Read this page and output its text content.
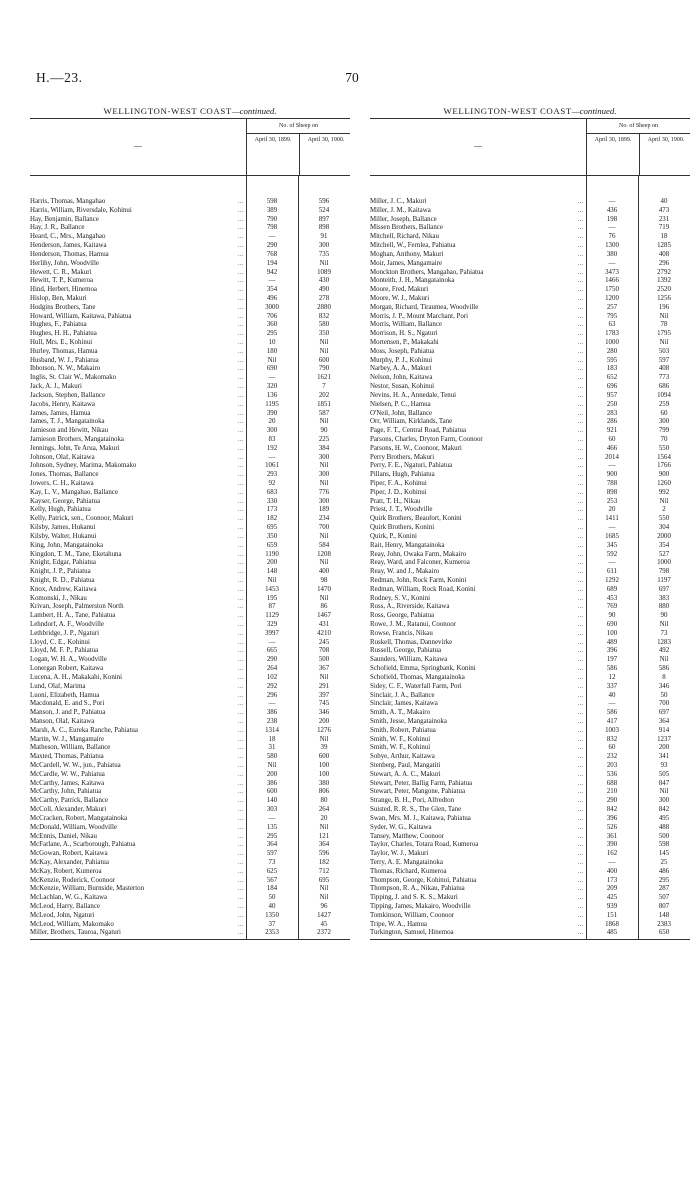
H.—23.	70
WELLINGTON-WEST COAST—continued.
—
No. of Sheep on
April 30, 1899.	April 30, 1900.
Harris, Thomas, Mangahao	...	598	596
Harris, William, Riversdale, Kohinui	...	389	524
Hay, Benjamin, Ballance	...	790	897
Hay, J. R., Ballance	...	798	898
Heard, C., Mrs., Mangahao	...	—	91
Henderson, James, Kaitawa	...	290	300
Henderson, Thomas, Hamua	...	768	735
Herlihy, John, Woodville	...	194	Nil
Hewett, C. R., Makuri	...	942	1089
Hewitt, T. P., Kumeroa	...	—	430
Hind, Herbert, Hinemoa	...	354	490
Hislop, Ben, Makuri	...	496	278
Hodgins Brothers, Tane	...	3000	2880
Howard, William, Kaitawa, Pahiatua	...	706	832
Hughes, F., Pahiatua	...	360	580
Hughes, H. H., Pahiatua	...	295	350
Hull, Mrs. E., Kohinui	...	10	Nil
Hurley, Thomas, Hamua	...	180	Nil
Husband, W. J., Pahiatua	...	Nil	600
Ibbotson, N. W., Makairo	...	690	790
Inglis, St. Clair W., Makomako	...	—	1621
Jack, A. J., Makuri	...	320	7
Jackson, Stephen, Ballance	...	136	202
Jacobs, Henry, Kaitawa	...	1195	1851
James, James, Hamua	...	390	587
James, T. J., Mangatainoka	...	20	Nil
Jamieson and Hewitt, Nikau	...	300	90
Jamieson Brothers, Mangatainoka	...	83	225
Jennings, John, Te Arua, Makuri	...	192	384
Johnson, Olaf, Kaitawa	...	—	300
Johnson, Sydney, Marima, Makomako	...	1061	Nil
Jones, Thomas, Ballance	...	293	300
Jowers, C. H., Kaitawa	...	92	Nil
Kay, L. V., Mangahao, Ballance	...	683	776
Kayser, George, Pahiatua	...	330	300
Kelly, Hugh, Pahiatua	...	173	189
Kelly, Patrick, sen., Coonoor, Makuri	...	182	234
Kilsby, James, Hukanui	...	695	700
Kilsby, Walter, Hukanui	...	350	Nil
King, John, Mangatainoka	...	659	584
Kingdon, T. M., Tane, Eketahuna	...	1190	1208
Knight, Edgar, Pahiatua	...	200	Nil
Knight, J. P., Pahiatua	...	148	400
Knight, R. D., Pahiatua	...	Nil	98
Knox, Andrew, Kaitawa	...	1453	1470
Komonski, J., Nikau	...	195	Nil
Krivan, Joseph, Palmerston North	...	87	86
Lambert, H. A., Tane, Pahiatua	...	1129	1467
Lehndorf, A. F., Woodville	...	329	431
Lethbridge, J. P., Ngaturi	...	3997	4210
Lloyd, C. E., Kohinui	...	—	245
Lloyd, M. F. P., Pahiatua	...	665	708
Logan, W. H. A., Woodville	...	290	500
Lonergan Robert, Kaitawa	...	264	367
Lucena, A. H., Makakahi, Konini	...	102	Nil
Lund, Olaf, Marima	...	292	291
Luoni, Elizabeth, Hamua	...	296	397
Macdonald, E. and S., Pori	...	—	745
Manson, J. and P., Pahiatua	...	386	346
Manson, Olaf, Kaitawa	...	238	200
Marsh, A. C., Eureka Ranche, Pahiatua	...	1314	1276
Martin, W. J., Mangamaire	...	18	Nil
Matheson, William, Ballance	...	31	39
Maxted, Thomas, Pahiatua	...	580	600
McCardell, W. W., jun., Pahiatua	...	Nil	100
McCardle, W. W., Pahiatua	...	200	100
McCarthy, James, Kaitawa	...	386	380
McCarthy, John, Pahiatua	...	600	806
McCarthy, Patrick, Ballance	...	140	80
McColl, Alexander, Makuri	...	303	264
McCracken, Robert, Mangatainoka	...	—	20
McDonald, William, Woodville	...	135	Nil
McEnnis, Daniel, Nikau	...	295	121
McFarlane, A., Scarborough, Pahiatua	...	364	364
McGowan, Robert, Kaitawa	...	597	596
McKay, Alexander, Pahiatua	...	73	182
McKay, Robert, Kumeroa	...	625	712
McKenzie, Roderick, Coonoor	...	567	695
McKenzie, William, Burnside, Masterton	...	184	Nil
McLachlan, W. G., Kaitawa	...	50	Nil
McLeod, Harry, Ballance	...	40	96
McLeod, John, Ngaturi	...	1350	1427
McLeod, William, Makomako	...	37	45
Miller, Brothers, Tauroa, Ngaturi	...	2353	2372
WELLINGTON-WEST COAST—continued.
—
No. of Sheep on
April 30, 1899.	April 30, 1900.
Miller, J. C., Makuri	...	—	40
Miller, J. M., Kaitawa	...	436	473
Miller, Joseph, Ballance	...	198	231
Missen Brothers, Ballance	...	—	719
Mitchell, Richard, Nikau	...	76	18
Mitchell, W., Fernlea, Pahiatua	...	1300	1285
Moghan, Anthony, Makuri	...	380	408
Moir, James, Mangamaire	...	—	296
Monckton Brothers, Mangahao, Pahiatua	...	3473	2792
Monteith, J. H., Mangatainoka	...	1466	1392
Moore, Fred, Makuri	...	1750	2520
Moore, W. J., Makuri	...	1200	1256
Morgan, Richard, Tiraumea, Woodville	...	257	196
Morris, J. P., Mount Marchant, Pori	...	795	Nil
Morris, William, Ballance	...	63	78
Morrison, H. S., Ngaturi	...	1783	1795
Mortensen, P., Makakahi	...	1000	Nil
Moss, Joseph, Pahiatua	...	280	503
Murphy, P. J., Kohinui	...	595	597
Narbey, A. A., Makuri	...	183	408
Nelson, John, Kaitawa	...	652	773
Nestor, Susan, Kohinui	...	696	686
Nevins, H. A., Annedale, Tenui	...	957	1094
Nielsen, P. C., Hamua	...	250	259
O'Neil, John, Ballance	...	283	60
Orr, William, Kirklands, Tane	...	286	300
Page, F. T., Central Road, Pahiatua	...	921	799
Parsons, Charles, Dryton Farm, Coonoor	...	60	70
Parsons, H. W., Coonoor, Makuri	...	466	550
Perry Brothers, Makuri	...	2014	1564
Perry, F. E., Ngaturi, Pahiatua	...	—	1766
Pillans, Hugh, Pahiatua	...	900	900
Piper, F. A., Kohinui	...	788	1260
Piper, J. D., Kohinui	...	898	992
Pratt, T. H., Nikau	...	253	Nil
Priest, J. T., Woodville	...	20	2
Quirk Brothers, Beaufort, Konini	...	1411	550
Quirk Brothers, Konini	...	—	304
Quirk, P., Konini	...	1685	2000
Rait, Henry, Mangatainoka	...	345	354
Reay, John, Owaka Farm, Makairo	...	592	527
Reay, Ward, and Falconer, Kumeroa	...	—	1000
Reay, W. and J., Makairo	...	611	798
Redman, John, Rock Farm, Konini	...	1292	1197
Redman, William, Rock Road, Konini	...	689	697
Rodney, S. V., Konini	...	453	383
Ross, A., Riverside, Kaitawa	...	769	880
Ross, George, Pahiatua	...	90	90
Rowe, J. M., Ratanui, Coonoor	...	690	Nil
Rowse, Francis, Nikau	...	100	73
Ruskell, Thomas, Dannevirke	...	489	1283
Russell, George, Pahiatua	...	396	492
Saunders, William, Kaitawa	...	197	Nil
Schofield, Emma, Springbank, Konini	...	586	586
Schofield, Thomas, Mangatainoka	...	12	8
Sidey, C. F., Waterfall Farm, Pori	...	337	346
Sinclair, J. A., Ballance	...	40	50
Sinclair, James, Kaitawa	...	—	700
Smith, A. T., Makairo	...	586	697
Smith, Jesse, Mangatainoka	...	417	364
Smith, Robert, Pahiatua	...	1003	914
Smith, W. F., Kohinui	...	832	1237
Smith, W. F., Kohinui	...	60	200
Sobye, Arthur, Kaitawa	...	232	341
Stenberg, Paul, Mangatiti	...	203	93
Stewart, A. A. C., Makuri	...	536	505
Stewart, Peter, Ballig Farm, Pahiatua	...	688	847
Stewart, Peter, Mangone, Pahiatua	...	210	Nil
Strange, B. H., Pori, Alfredton	...	290	300
Suisted, R. R. S., The Glen, Tane	...	842	842
Swan, Mrs. M. J., Kaitawa, Pahiatua	...	396	495
Syder, W. G., Kaitawa	...	526	488
Tansey, Matthew, Coonoor	...	361	500
Taylor, Charles, Totara Road, Kumeroa	...	390	598
Taylor, W. J., Makuri	...	162	145
Terry, A. E. Mangatainoka	...	—	25
Thomas, Richard, Kumeroa	...	400	486
Thompson, George, Kohinui, Pahiatua	...	173	295
Thompson, R. A., Nikau, Pahiatua	...	209	287
Tipping, J. and S. K. S., Makuri	...	425	507
Tipping, James, Makairo, Woodville	...	939	807
Tomkinson, William, Coonoor	...	151	148
Tripe, W. A., Hamua	...	1868	2383
Turkington, Samuel, Hinemoa	...	485	650
